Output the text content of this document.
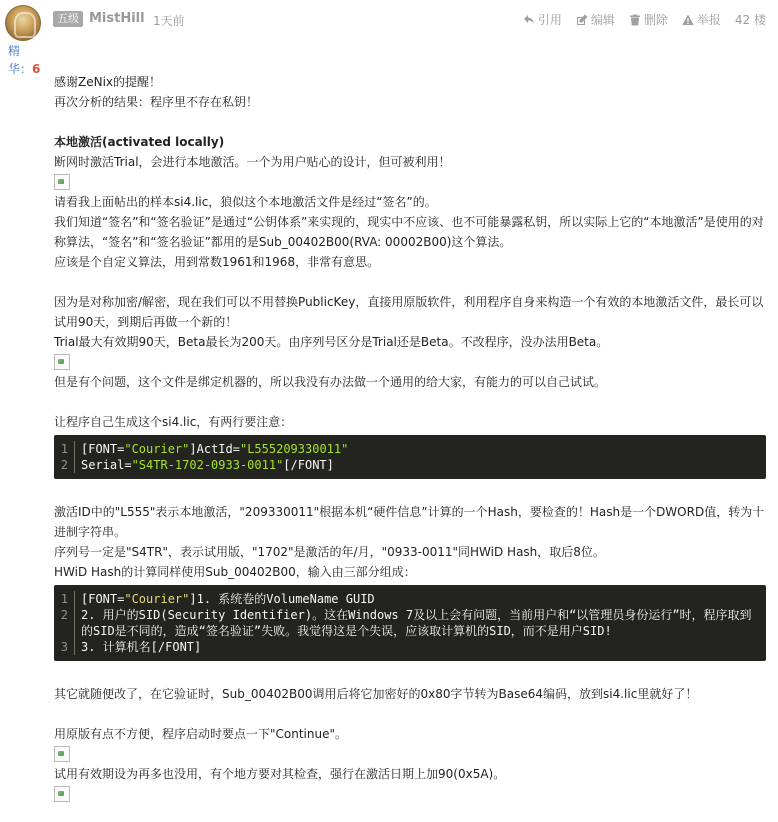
精
华：6
五级 MistHill 1天前	引用 编辑 删除 举报 42 楼

感谢ZeNix的提醒！

再次分析的结果：程序里不存在私钥！

本地激活(activated locally)

断网时激活Trial，会进行本地激活。一个为用户贴心的设计，但可被利用！

请看我上面帖出的样本si4.lic，狼似这个本地激活文件是经过“签名”的。

我们知道“签名”和“签名验证”是通过“公钥体系”来实现的，现实中不应该、也不可能暴露私钥，所以实际上它的“本地激活”是使用的对称算法，“签名”和“签名验证”都用的是Sub_00402B00(RVA: 00002B00)这个算法。

应该是个自定义算法，用到常数1961和1968，非常有意思。

因为是对称加密/解密，现在我们可以不用替换PublicKey，直接用原版软件，利用程序自身来构造一个有效的本地激活文件，最长可以试用90天，到期后再做一个新的！

Trial最大有效期90天，Beta最长为200天。由序列号区分是Trial还是Beta。不改程序，没办法用Beta。

但是有个问题，这个文件是绑定机器的，所以我没有办法做一个通用的给大家，有能力的可以自己试试。

让程序自己生成这个si4.lic，有两行要注意：

1	[FONT="Courier"]ActId="L555209330011"
2	Serial="S4TR-1702-0933-0011"[/FONT]

激活ID中的"L555"表示本地激活，"209330011"根据本机“硬件信息”计算的一个Hash，要检查的！Hash是一个DWORD值，转为十进制字符串。

序列号一定是"S4TR"，表示试用版，"1702"是激活的年/月，"0933-0011"同HWiD Hash，取后8位。

HWiD Hash的计算同样使用Sub_00402B00，输入由三部分组成：

1	[FONT="Courier"]1. 系统卷的VolumeName GUID
2	2. 用户的SID(Security Identifier)。这在Windows 7及以上会有问题，当前用户和“以管理员身份运行”时，程序取到的SID是不同的，造成“签名验证”失败。我觉得这是个失误，应该取计算机的SID，而不是用户SID!
3	3. 计算机名[/FONT]

其它就随便改了，在它验证时，Sub_00402B00调用后将它加密好的0x80字节转为Base64编码，放到si4.lic里就好了！

用原版有点不方便，程序启动时要点一下"Continue"。

试用有效期设为再多也没用，有个地方要对其检查，强行在激活日期上加90(0x5A)。
